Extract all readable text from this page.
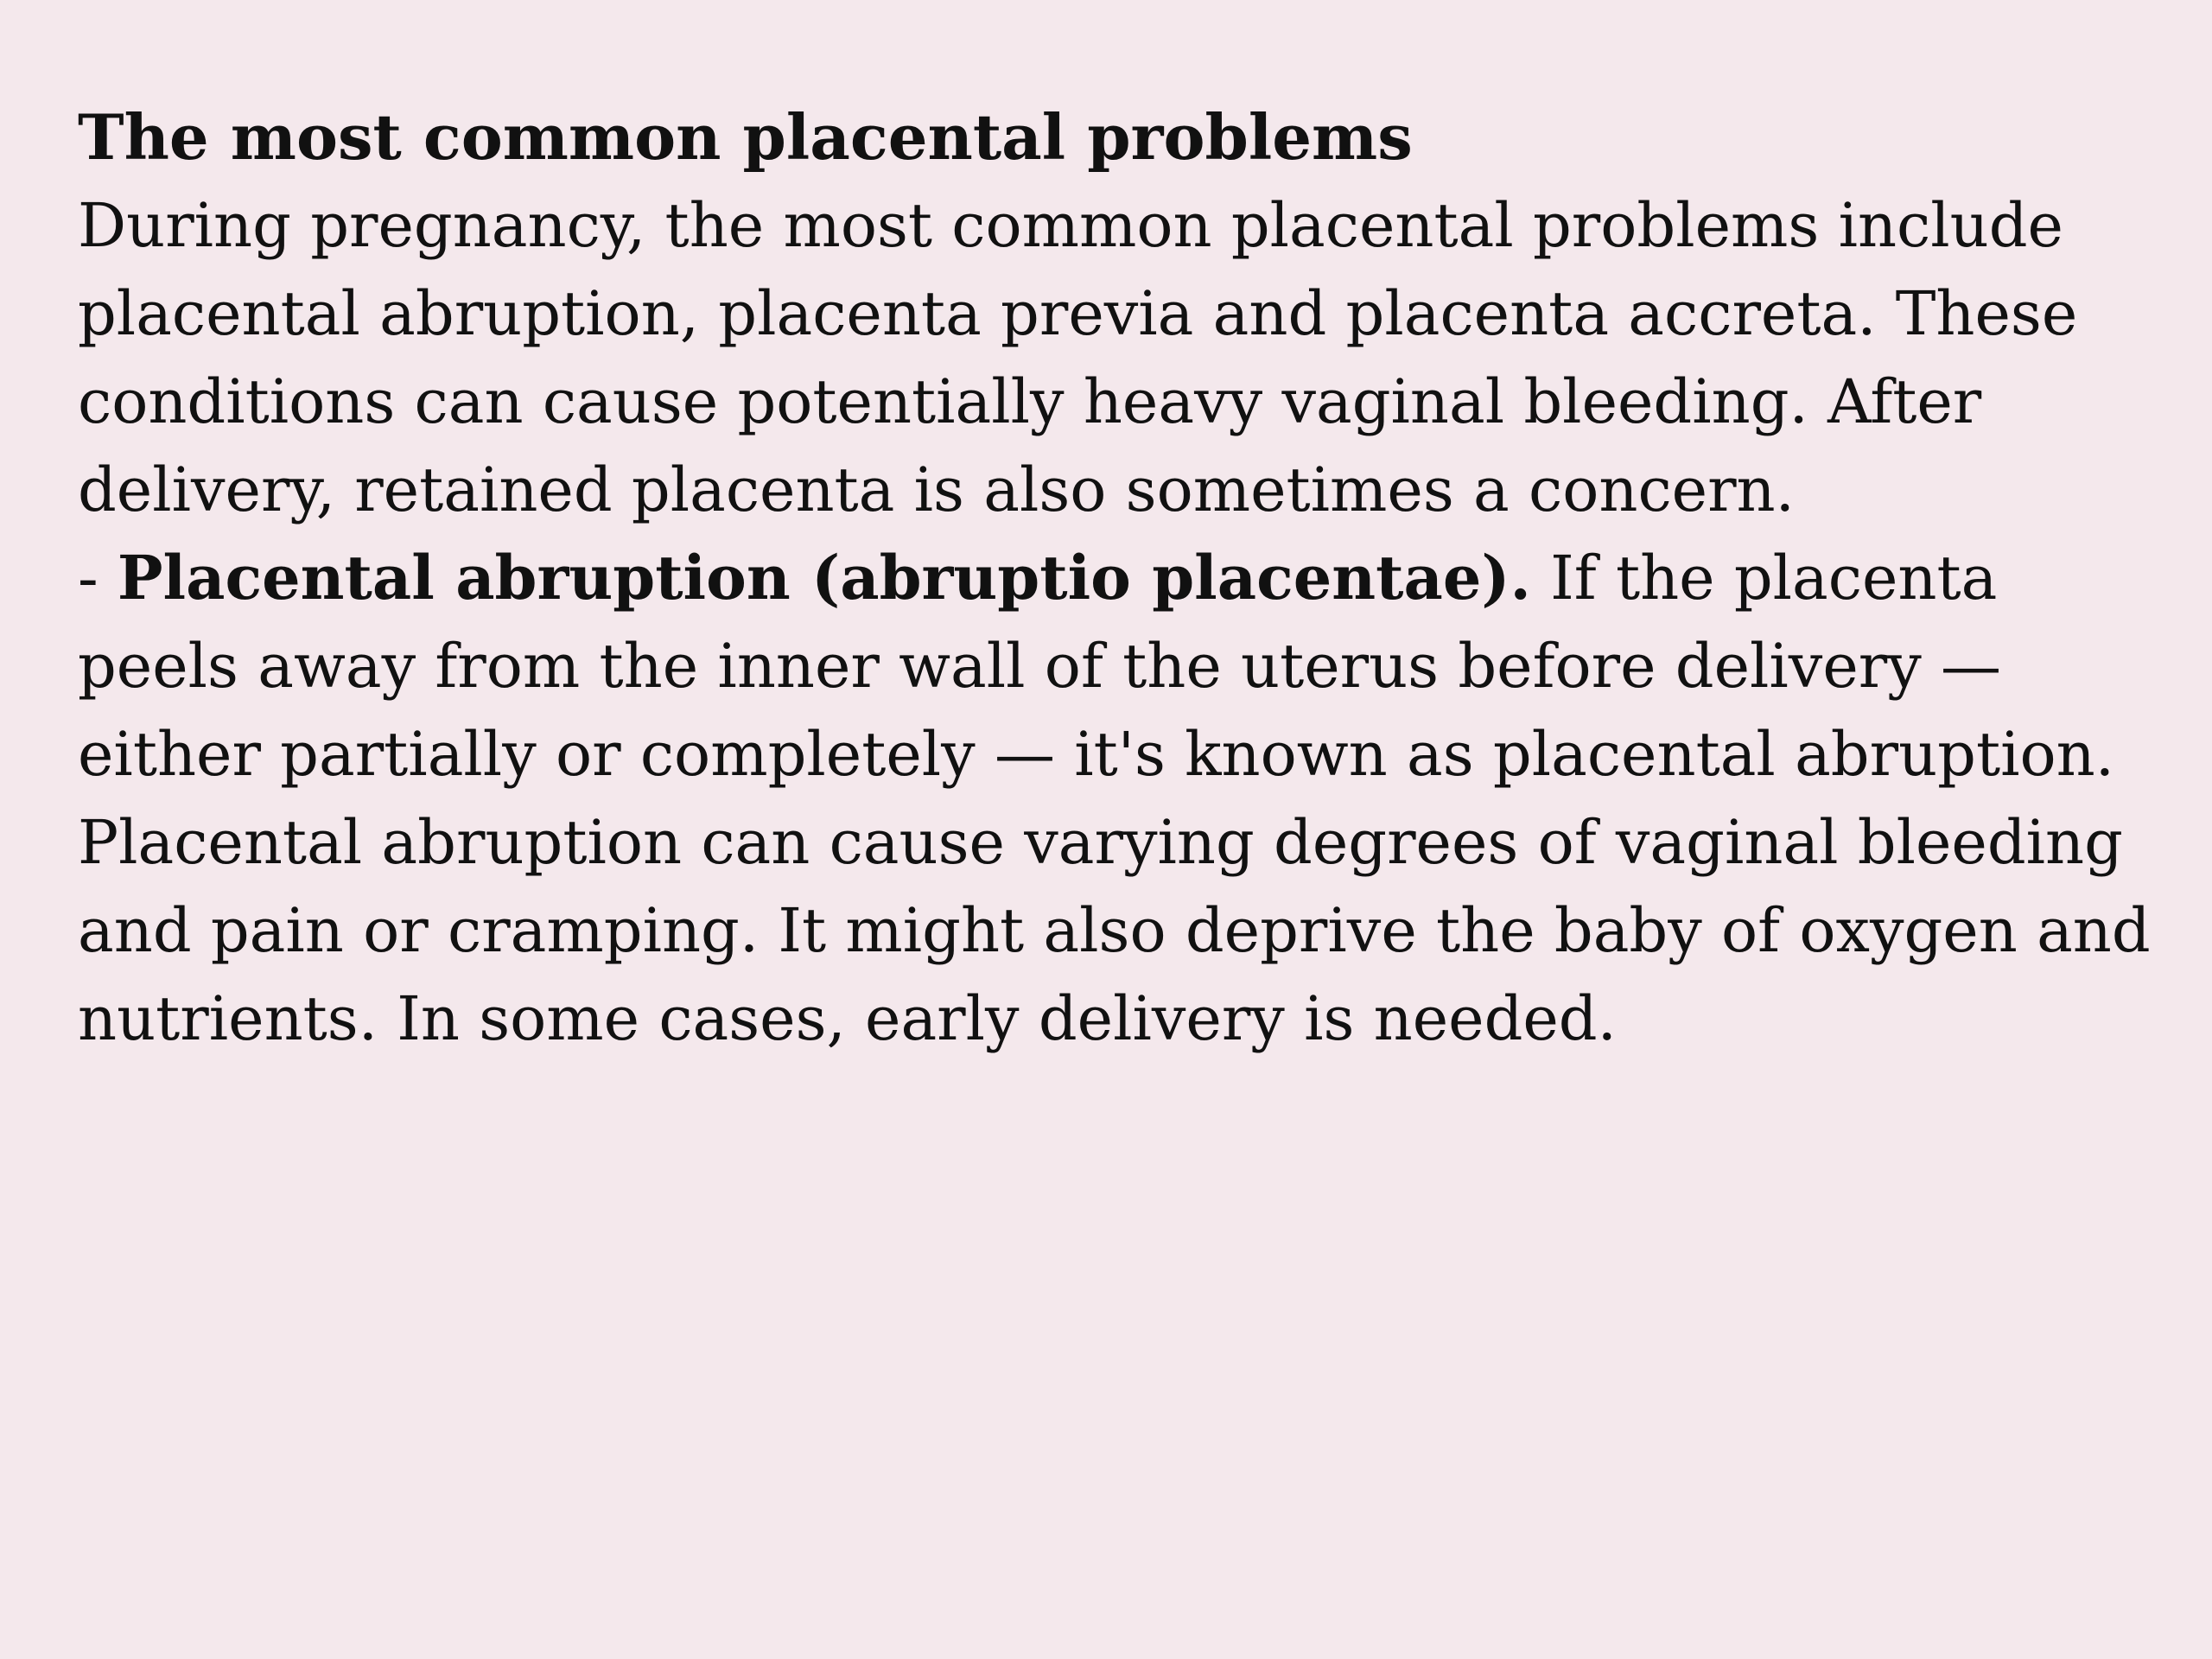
The most common placental problems

During pregnancy, the most common placental problems include placental abruption, placenta previa and placenta accreta. These conditions can cause potentially heavy vaginal bleeding. After delivery, retained placenta is also sometimes a concern.

- Placental abruption (abruptio placentae). If the placenta peels away from the inner wall of the uterus before delivery — either partially or completely — it's known as placental abruption. Placental abruption can cause varying degrees of vaginal bleeding and pain or cramping. It might also deprive the baby of oxygen and nutrients. In some cases, early delivery is needed.
